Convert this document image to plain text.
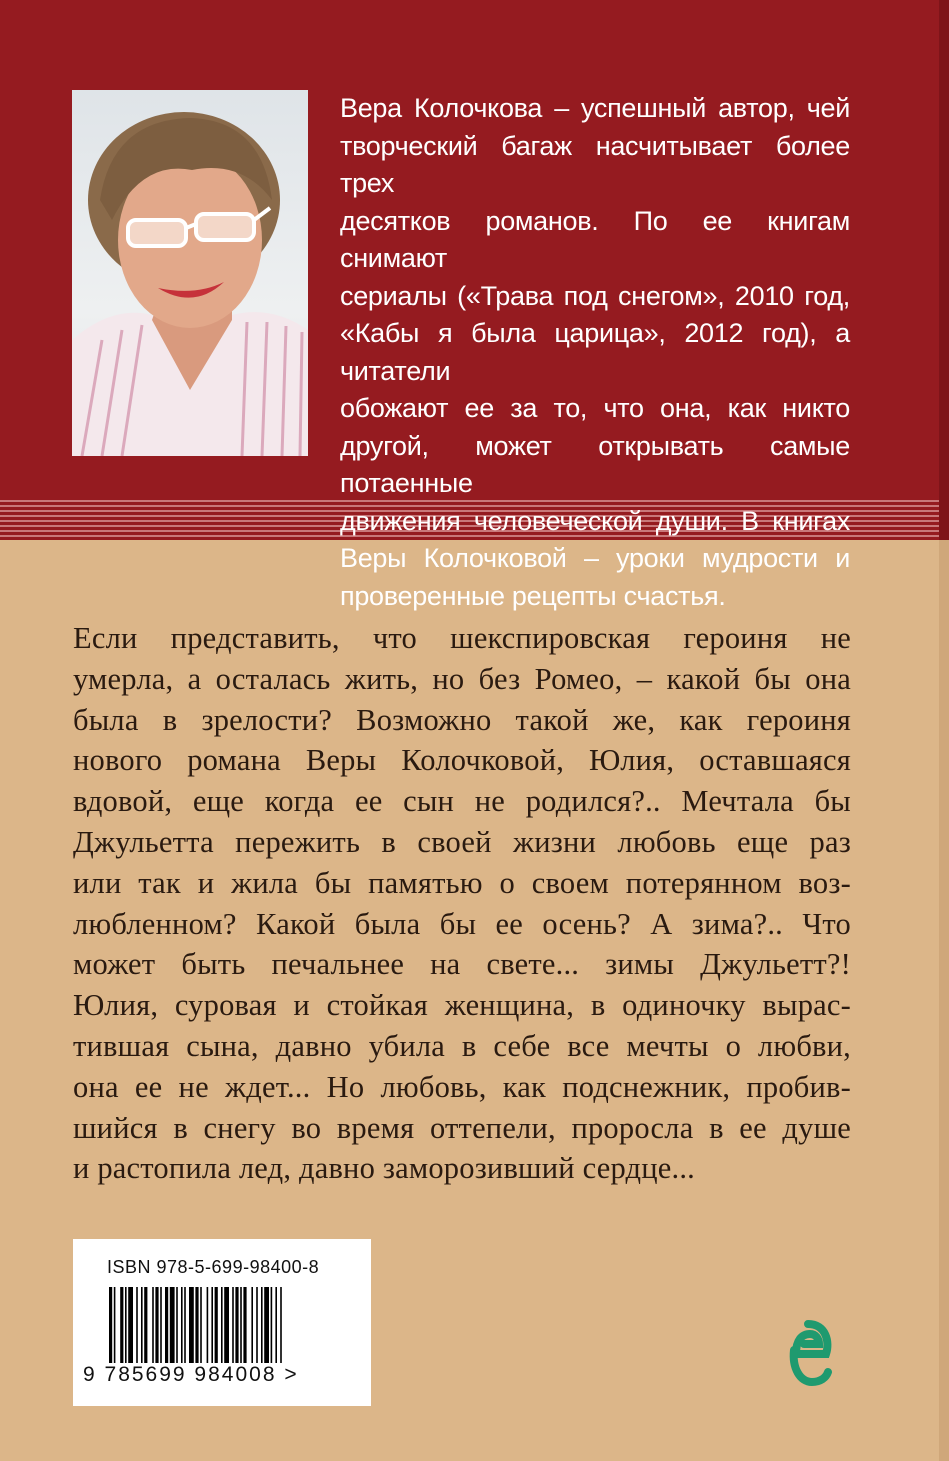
Вера Колочкова – успешный автор, чей
творческий багаж насчитывает более трех
десятков романов. По ее книгам снимают
сериалы («Трава под снегом», 2010 год,
«Кабы я была царица», 2012 год), а читатели
обожают ее за то, что она, как никто
другой, может открывать самые потаенные
движения человеческой души. В книгах
Веры Колочковой – уроки мудрости и
проверенные рецепты счастья.
Если представить, что шекспировская героиня не
умерла, а осталась жить, но без Ромео, – какой бы она
была в зрелости? Возможно такой же, как героиня
нового романа Веры Колочковой, Юлия, оставшаяся
вдовой, еще когда ее сын не родился?.. Мечтала бы
Джульетта пережить в своей жизни любовь еще раз
или так и жила бы памятью о своем потерянном воз-
любленном? Какой была бы ее осень? А зима?.. Что
может быть печальнее на свете... зимы Джульетт?!
Юлия, суровая и стойкая женщина, в одиночку вырас-
тившая сына, давно убила в себе все мечты о любви,
она ее не ждет... Но любовь, как подснежник, пробив-
шийся в снегу во время оттепели, проросла в ее душе
и растопила лед, давно заморозивший сердце...
ISBN 978-5-699-98400-8
9 785699 984008 >
